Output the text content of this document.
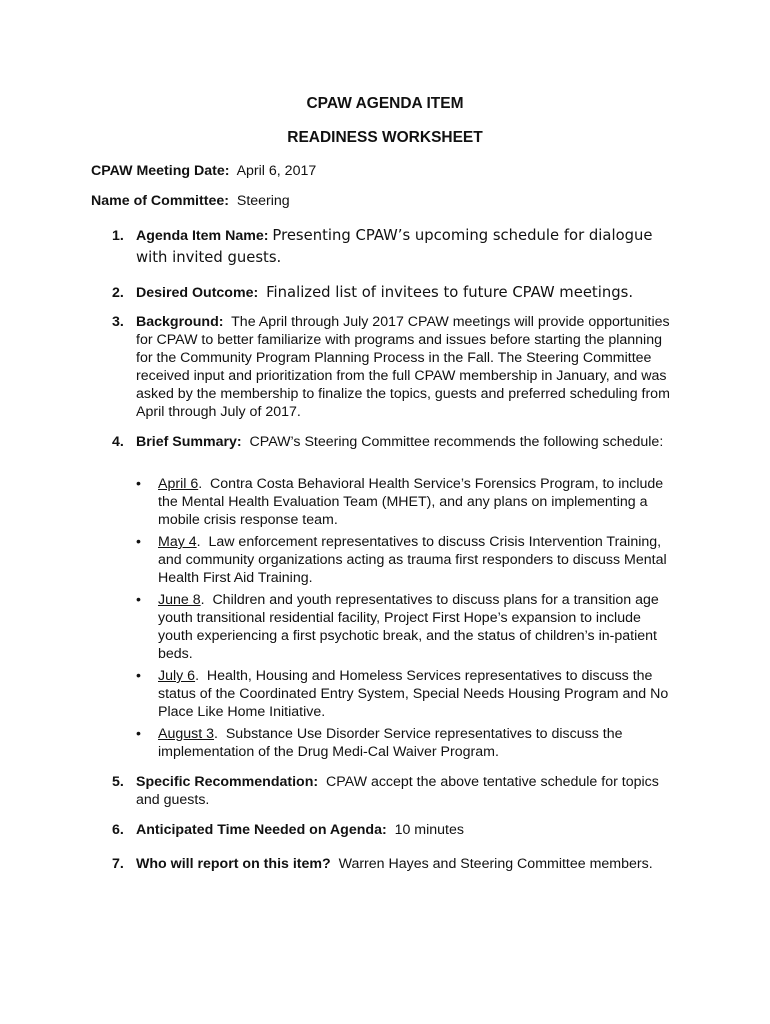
CPAW AGENDA ITEM
READINESS WORKSHEET
CPAW Meeting Date: April 6, 2017
Name of Committee: Steering
1. Agenda Item Name: Presenting CPAW’s upcoming schedule for dialogue with invited guests.
2. Desired Outcome: Finalized list of invitees to future CPAW meetings.
3. Background: The April through July 2017 CPAW meetings will provide opportunities for CPAW to better familiarize with programs and issues before starting the planning for the Community Program Planning Process in the Fall. The Steering Committee received input and prioritization from the full CPAW membership in January, and was asked by the membership to finalize the topics, guests and preferred scheduling from April through July of 2017.
4. Brief Summary: CPAW’s Steering Committee recommends the following schedule:
• April 6.  Contra Costa Behavioral Health Service’s Forensics Program, to include the Mental Health Evaluation Team (MHET), and any plans on implementing a mobile crisis response team.
• May 4.  Law enforcement representatives to discuss Crisis Intervention Training, and community organizations acting as trauma first responders to discuss Mental Health First Aid Training.
• June 8.  Children and youth representatives to discuss plans for a transition age youth transitional residential facility, Project First Hope’s expansion to include youth experiencing a first psychotic break, and the status of children’s in-patient beds.
• July 6.  Health, Housing and Homeless Services representatives to discuss the status of the Coordinated Entry System, Special Needs Housing Program and No Place Like Home Initiative.
• August 3.  Substance Use Disorder Service representatives to discuss the implementation of the Drug Medi-Cal Waiver Program.
5. Specific Recommendation: CPAW accept the above tentative schedule for topics and guests.
6. Anticipated Time Needed on Agenda: 10 minutes
7. Who will report on this item? Warren Hayes and Steering Committee members.
